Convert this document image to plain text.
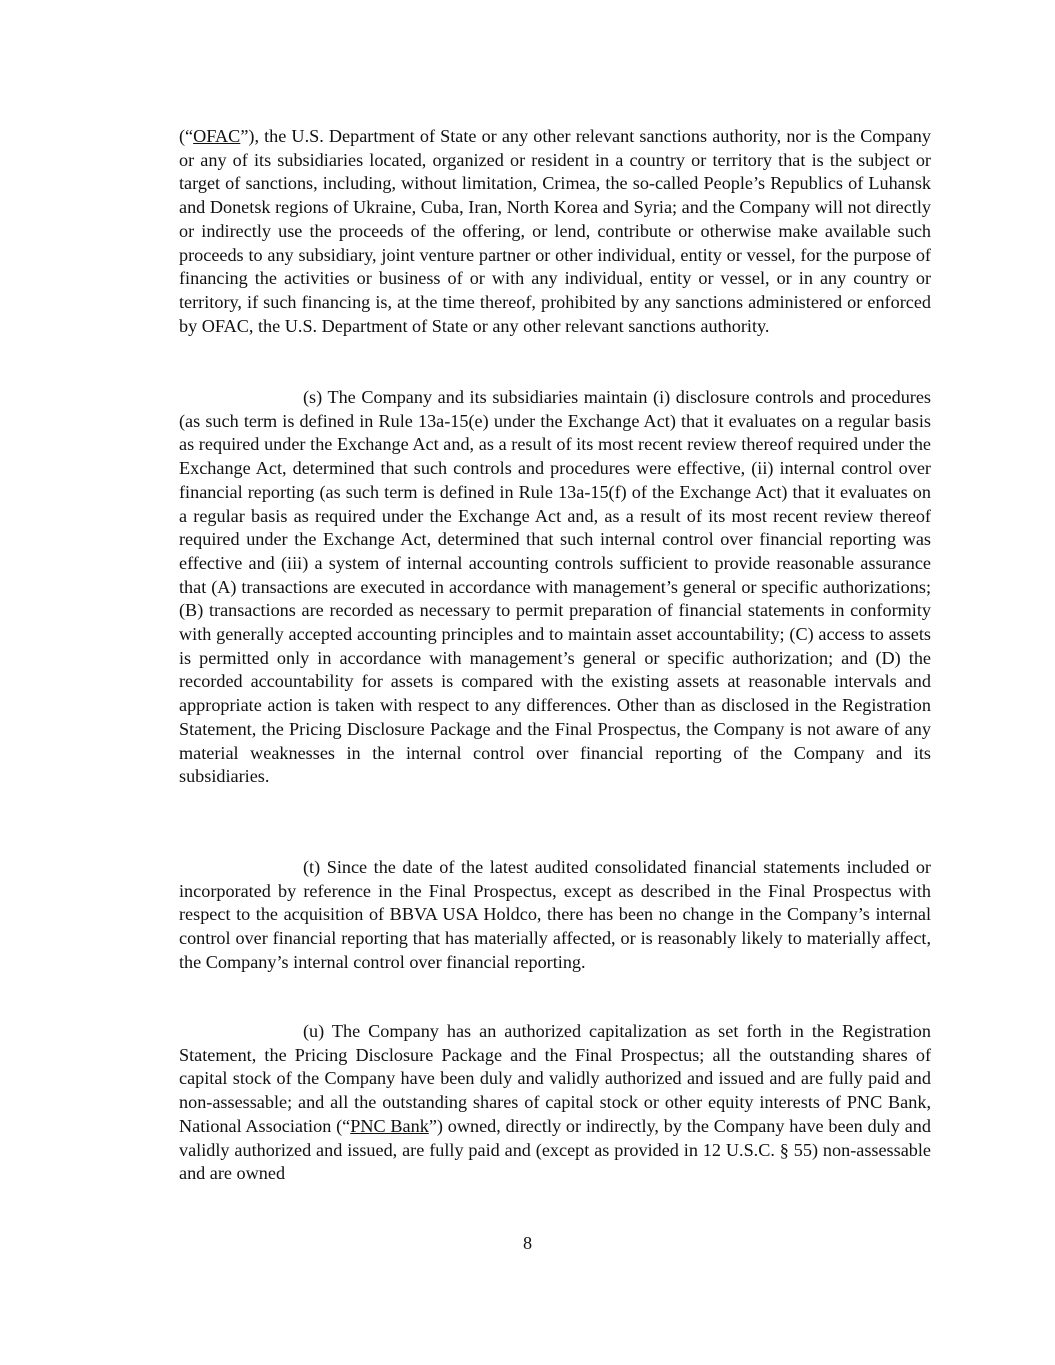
(“OFAC”), the U.S. Department of State or any other relevant sanctions authority, nor is the Company or any of its subsidiaries located, organized or resident in a country or territory that is the subject or target of sanctions, including, without limitation, Crimea, the so-called People’s Republics of Luhansk and Donetsk regions of Ukraine, Cuba, Iran, North Korea and Syria; and the Company will not directly or indirectly use the proceeds of the offering, or lend, contribute or otherwise make available such proceeds to any subsidiary, joint venture partner or other individual, entity or vessel, for the purpose of financing the activities or business of or with any individual, entity or vessel, or in any country or territory, if such financing is, at the time thereof, prohibited by any sanctions administered or enforced by OFAC, the U.S. Department of State or any other relevant sanctions authority.

(s) The Company and its subsidiaries maintain (i) disclosure controls and procedures (as such term is defined in Rule 13a-15(e) under the Exchange Act) that it evaluates on a regular basis as required under the Exchange Act and, as a result of its most recent review thereof required under the Exchange Act, determined that such controls and procedures were effective, (ii) internal control over financial reporting (as such term is defined in Rule 13a-15(f) of the Exchange Act) that it evaluates on a regular basis as required under the Exchange Act and, as a result of its most recent review thereof required under the Exchange Act, determined that such internal control over financial reporting was effective and (iii) a system of internal accounting controls sufficient to provide reasonable assurance that (A) transactions are executed in accordance with management’s general or specific authorizations; (B) transactions are recorded as necessary to permit preparation of financial statements in conformity with generally accepted accounting principles and to maintain asset accountability; (C) access to assets is permitted only in accordance with management’s general or specific authorization; and (D) the recorded accountability for assets is compared with the existing assets at reasonable intervals and appropriate action is taken with respect to any differences. Other than as disclosed in the Registration Statement, the Pricing Disclosure Package and the Final Prospectus, the Company is not aware of any material weaknesses in the internal control over financial reporting of the Company and its subsidiaries.

(t) Since the date of the latest audited consolidated financial statements included or incorporated by reference in the Final Prospectus, except as described in the Final Prospectus with respect to the acquisition of BBVA USA Holdco, there has been no change in the Company’s internal control over financial reporting that has materially affected, or is reasonably likely to materially affect, the Company’s internal control over financial reporting.

(u) The Company has an authorized capitalization as set forth in the Registration Statement, the Pricing Disclosure Package and the Final Prospectus; all the outstanding shares of capital stock of the Company have been duly and validly authorized and issued and are fully paid and non-assessable; and all the outstanding shares of capital stock or other equity interests of PNC Bank, National Association (“PNC Bank”) owned, directly or indirectly, by the Company have been duly and validly authorized and issued, are fully paid and (except as provided in 12 U.S.C. § 55) non-assessable and are owned

8
